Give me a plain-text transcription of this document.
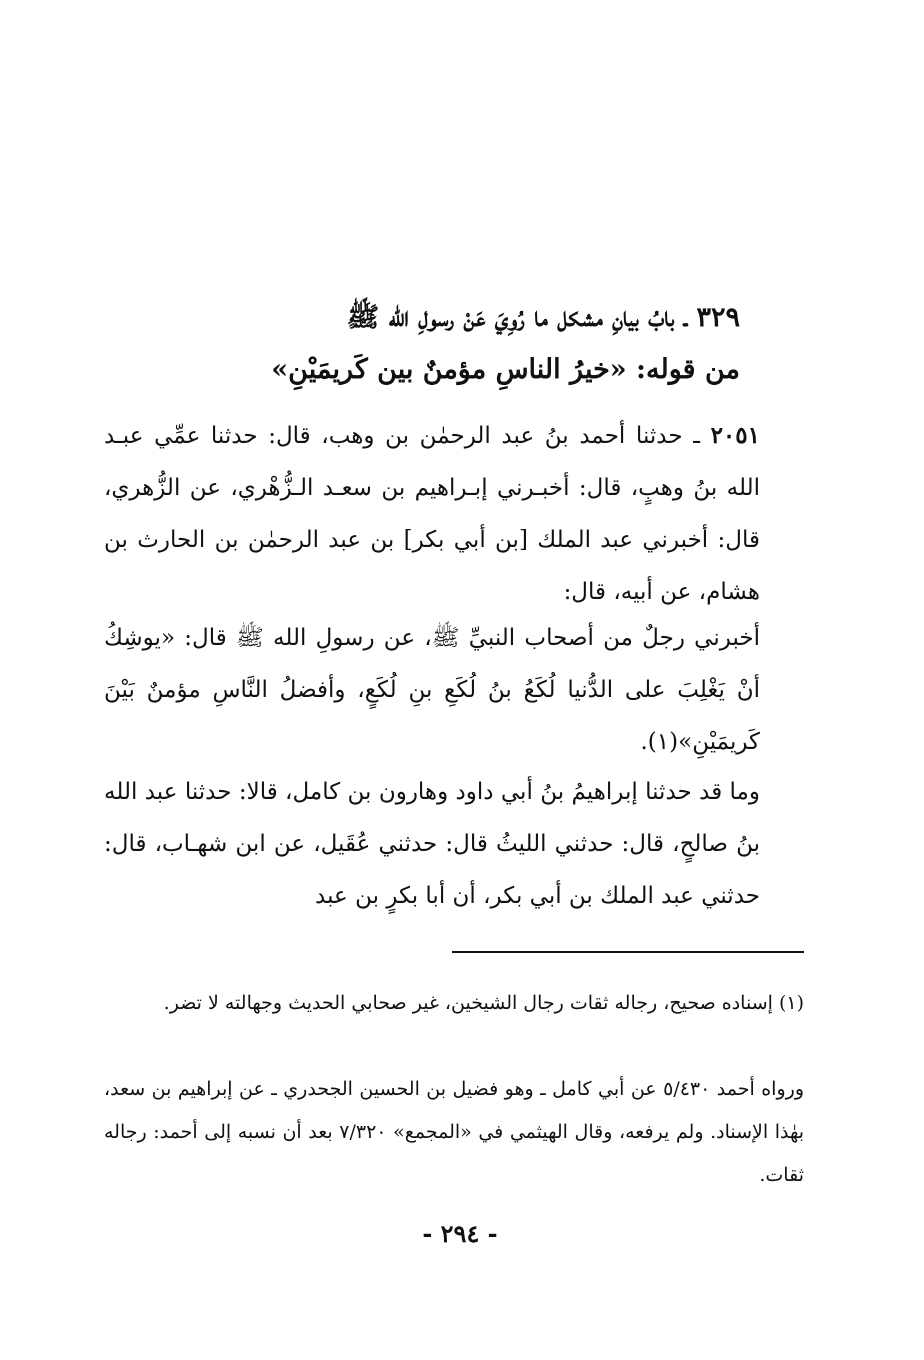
٣٢٩ ـ بابُ بيانِ مشكل ما رُوِيَ عَنْ رسولِ الله ﷺ
من قوله: «خيرُ الناسِ مؤمنٌ بين كَريمَيْنِ»
٢٠٥١ ـ حدثنا أحمد بنُ عبد الرحمٰن بن وهب، قال: حدثنا عمِّي عبـد الله بنُ وهبٍ، قال: أخبـرني إبـراهيم بن سعـد الـزُّهْري، عن الزُّهري، قال: أخبرني عبد الملك [بن أبي بكر] بن عبد الرحمٰن بن الحارث بن هشام، عن أبيه، قال:
أخبرني رجلٌ من أصحاب النبيِّ ﷺ، عن رسولِ الله ﷺ قال: «يوشِكُ أنْ يَغْلِبَ على الدُّنيا لُكَعُ بنُ لُكَعِ بنِ لُكَعٍ، وأفضلُ النَّاسِ مؤمنٌ بَيْنَ كَريمَيْنِ»(١).
وما قد حدثنا إبراهيمُ بنُ أبي داود وهارون بن كامل، قالا: حدثنا عبد الله بنُ صالحٍ، قال: حدثني الليثُ قال: حدثني عُقَيل، عن ابن شهـاب، قال: حدثني عبد الملك بن أبي بكر، أن أبا بكرٍ بن عبد
(١) إسناده صحيح، رجاله ثقات رجال الشيخين، غير صحابي الحديث وجهالته لا تضر.
ورواه أحمد ٥/٤٣٠ عن أبي كامل ـ وهو فضيل بن الحسين الجحدري ـ عن إبراهيم بن سعد، بهٰذا الإسناد. ولم يرفعه، وقال الهيثمي في «المجمع» ٧/٣٢٠ بعد أن نسبه إلى أحمد: رجاله ثقات.
- ٢٩٤ -
